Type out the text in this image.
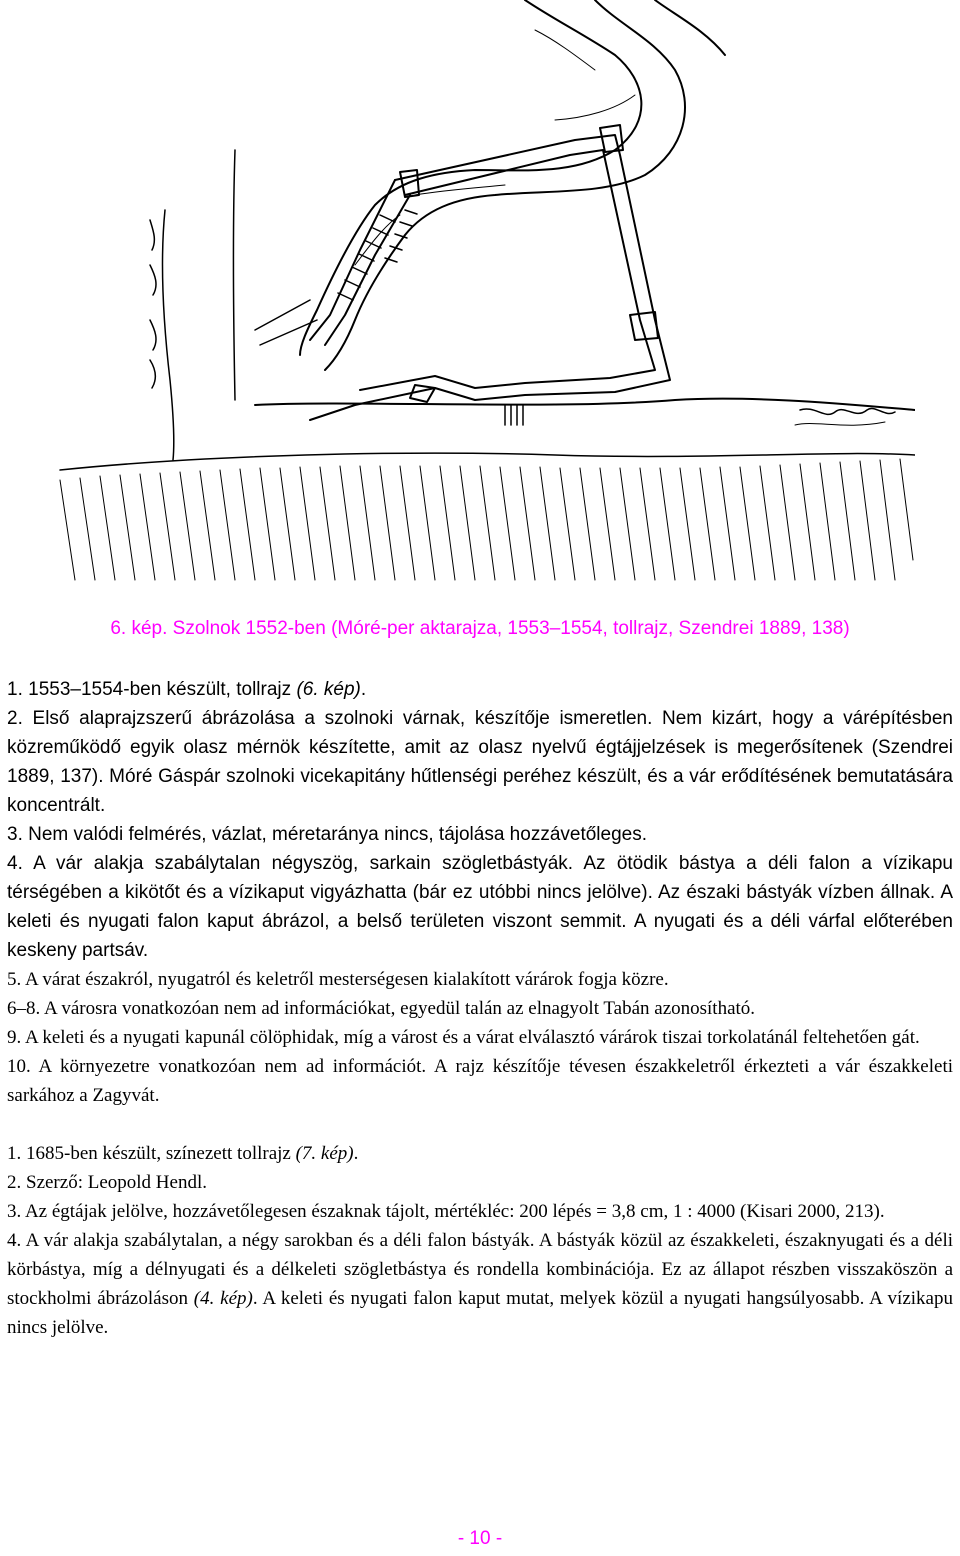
6. kép. Szolnok 1552-ben (Móré-per aktarajza, 1553–1554, tollrajz, Szendrei 1889, 138)

1. 1553–1554-ben készült, tollrajz (6. kép).

2. Első alaprajzszerű ábrázolása a szolnoki várnak, készítője ismeretlen. Nem kizárt, hogy a várépítésben közreműködő egyik olasz mérnök készítette, amit az olasz nyelvű égtájjelzések is megerősítenek (Szendrei 1889, 137). Móré Gáspár szolnoki vicekapitány hűtlenségi peréhez készült, és a vár erődítésének bemutatására koncentrált.

3. Nem valódi felmérés, vázlat, méretaránya nincs, tájolása hozzávetőleges.

4. A vár alakja szabálytalan négyszög, sarkain szögletbástyák. Az ötödik bástya a déli falon a vízikapu térségében a kikötőt és a vízikaput vigyázhatta (bár ez utóbbi nincs jelölve). Az északi bástyák vízben állnak. A keleti és nyugati falon kaput ábrázol, a belső területen viszont semmit. A nyugati és a déli várfal előterében keskeny partsáv.

5. A várat északról, nyugatról és keletről mesterségesen kialakított várárok fogja közre.

6–8. A városra vonatkozóan nem ad információkat, egyedül talán az elnagyolt Tabán azonosítható.

9. A keleti és a nyugati kapunál cölöphidak, míg a várost és a várat elválasztó várárok tiszai torkolatánál feltehetően gát.

10. A környezetre vonatkozóan nem ad információt. A rajz készítője tévesen északkeletről érkezteti a vár északkeleti sarkához a Zagyvát.

1. 1685-ben készült, színezett tollrajz (7. kép).

2. Szerző: Leopold Hendl.

3. Az égtájak jelölve, hozzávetőlegesen északnak tájolt, mértékléc: 200 lépés = 3,8 cm, 1 : 4000 (Kisari 2000, 213).

4. A vár alakja szabálytalan, a négy sarokban és a déli falon bástyák. A bástyák közül az északkeleti, északnyugati és a déli körbástya, míg a délnyugati és a délkeleti szögletbástya és rondella kombinációja. Ez az állapot részben visszaköszön a stockholmi ábrázoláson (4. kép). A keleti és nyugati falon kaput mutat, melyek közül a nyugati hangsúlyosabb. A vízikapu nincs jelölve.

- 10 -
